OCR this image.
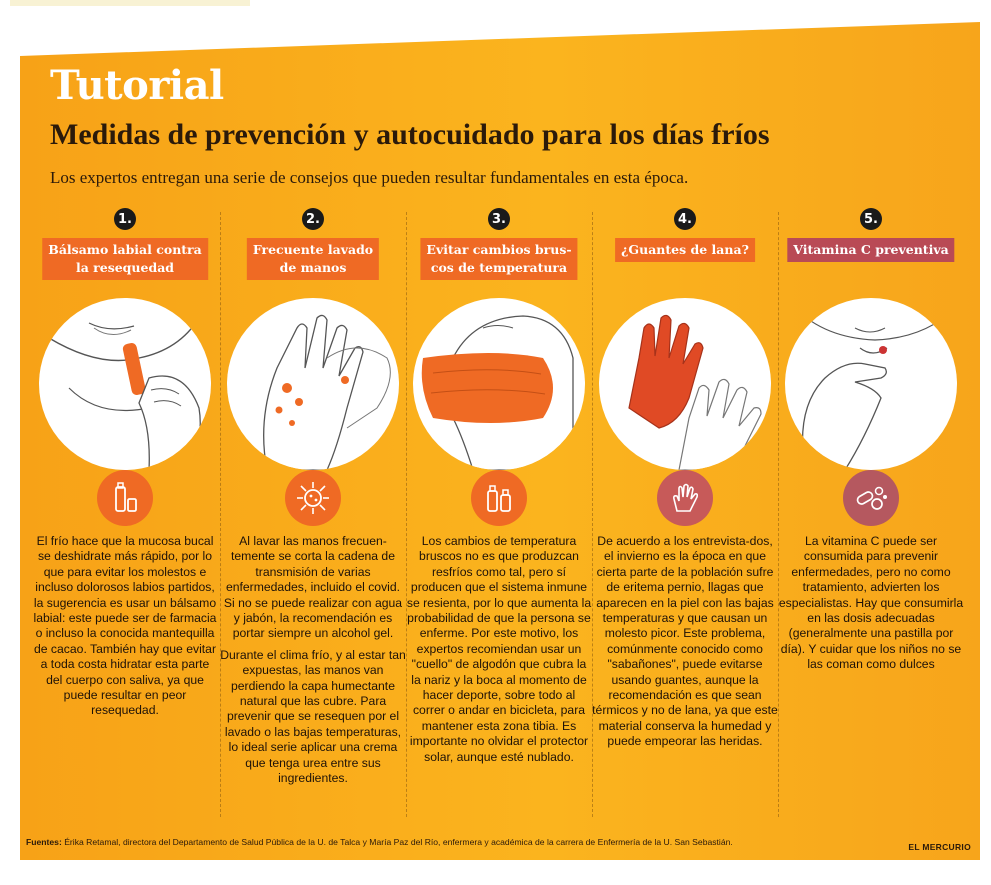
Tutorial
Medidas de prevención y autocuidado para los días fríos

Los expertos entregan una serie de consejos que pueden resultar fundamentales en esta época.

1.
Bálsamo labial contra
la resequedad

El frío hace que la mucosa bucal se deshidrate más rápido, por lo que para evitar los molestos e incluso dolorosos labios partidos, la sugerencia es usar un bálsamo labial: este puede ser de farmacia o incluso la conocida mantequilla de cacao. También hay que evitar a toda costa hidratar esta parte del cuerpo con saliva, ya que puede resultar en peor resequedad.

2.
Frecuente lavado
de manos

Al lavar las manos frecuen-temente se corta la cadena de transmisión de varias enfermedades, incluido el covid. Si no se puede realizar con agua y jabón, la recomendación es portar siempre un alcohol gel.

Durante el clima frío, y al estar tan expuestas, las manos van perdiendo la capa humectante natural que las cubre. Para prevenir que se resequen por el lavado o las bajas temperaturas, lo ideal serie aplicar una crema que tenga urea entre sus ingredientes.

3.
Evitar cambios brus-
cos de temperatura

Los cambios de temperatura bruscos no es que produzcan resfríos como tal, pero sí producen que el sistema inmune se resienta, por lo que aumenta la probabilidad de que la persona se enferme. Por este motivo, los expertos recomiendan usar un "cuello" de algodón que cubra la la nariz y la boca al momento de hacer deporte, sobre todo al correr o andar en bicicleta, para mantener esta zona tibia. Es importante no olvidar el protector solar, aunque esté nublado.

4.
¿Guantes de lana?

De acuerdo a los entrevista-dos, el invierno es la época en que cierta parte de la población sufre de eritema pernio, llagas que aparecen en la piel con las bajas temperaturas y que causan un molesto picor. Este problema, comúnmente conocido como "sabañones", puede evitarse usando guantes, aunque la recomendación es que sean térmicos y no de lana, ya que este material conserva la humedad y puede empeorar las heridas.

5.
Vitamina C preventiva

La vitamina C puede ser consumida para prevenir enfermedades, pero no como tratamiento, advierten los especialistas. Hay que consumirla en las dosis adecuadas (generalmente una pastilla por día). Y cuidar que los niños no se las coman como dulces

Fuentes: Érika Retamal, directora del Departamento de Salud Pública de la U. de Talca y María Paz del Río, enfermera y académica de la carrera de Enfermería de la U. San Sebastián.	EL MERCURIO
